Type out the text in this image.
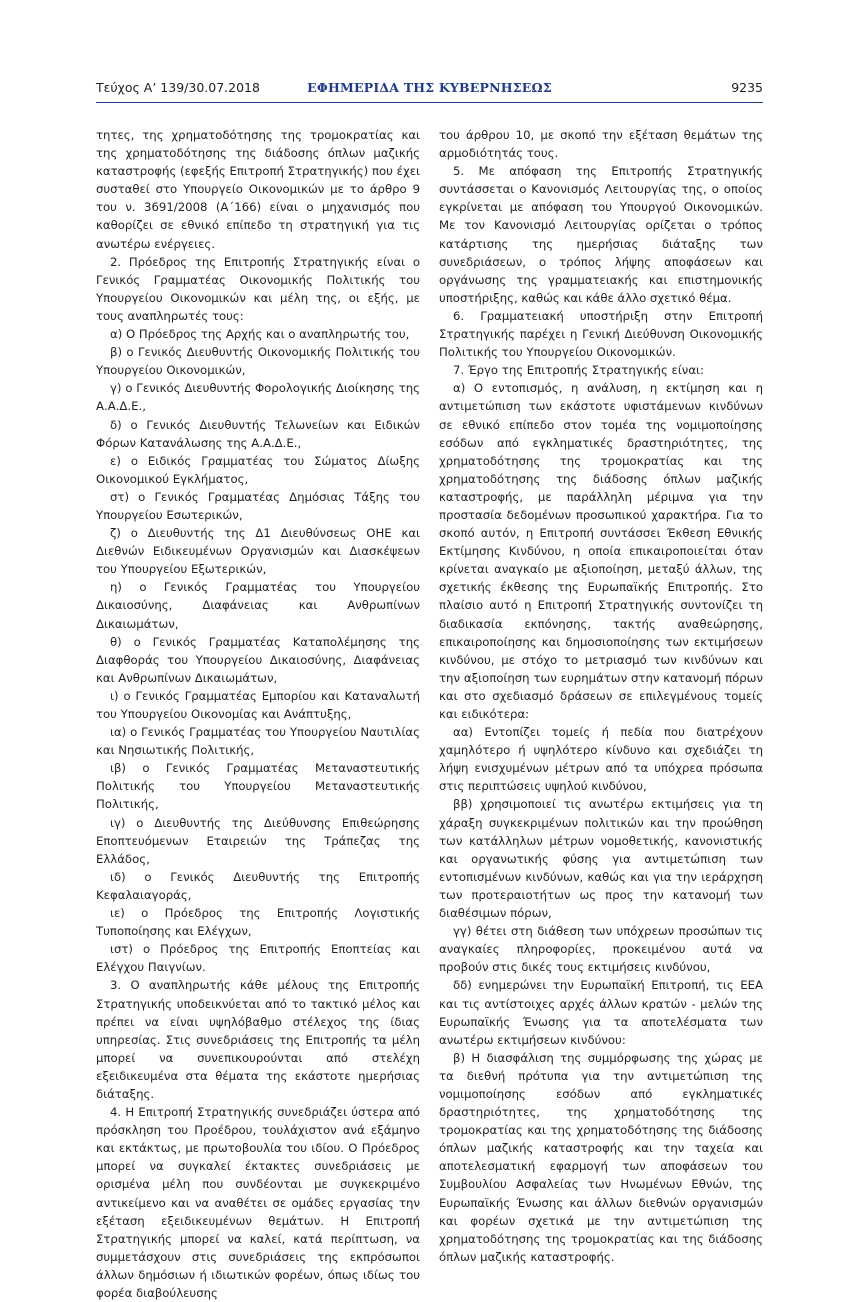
Τεύχος A’ 139/30.07.2018	ΕΦΗΜΕΡΙΔΑ ΤΗΣ ΚΥΒΕΡΝΗΣΕΩΣ	9235

τητες, της χρηματοδότησης της τρομοκρατίας και της χρηματοδότησης της διάδοσης όπλων μαζικής καταστροφής (εφεξής Επιτροπή Στρατηγικής) που έχει συσταθεί στο Υπουργείο Οικονομικών με το άρθρο 9 του ν. 3691/2008 (Α΄166) είναι ο μηχανισμός που καθορίζει σε εθνικό επίπεδο τη στρατηγική για τις ανωτέρω ενέργειες.

2. Πρόεδρος της Επιτροπής Στρατηγικής είναι ο Γενικός Γραμματέας Οικονομικής Πολιτικής του Υπουργείου Οικονομικών και μέλη της, οι εξής, με τους αναπληρωτές τους:

α) Ο Πρόεδρος της Αρχής και ο αναπληρωτής του,

β) ο Γενικός Διευθυντής Οικονομικής Πολιτικής του Υπουργείου Οικονομικών,

γ) ο Γενικός Διευθυντής Φορολογικής Διοίκησης της Α.Α.Δ.Ε.,

δ) ο Γενικός Διευθυντής Τελωνείων και Ειδικών Φόρων Κατανάλωσης της Α.Α.Δ.Ε.,

ε) ο Ειδικός Γραμματέας του Σώματος Δίωξης Οικονομικού Εγκλήματος,

στ) ο Γενικός Γραμματέας Δημόσιας Τάξης του Υπουργείου Εσωτερικών,

ζ) ο Διευθυντής της Δ1 Διευθύνσεως ΟΗΕ και Διεθνών Ειδικευμένων Οργανισμών και Διασκέψεων του Υπουργείου Εξωτερικών,

η) ο Γενικός Γραμματέας του Υπουργείου Δικαιοσύνης, Διαφάνειας και Ανθρωπίνων Δικαιωμάτων,

θ) ο Γενικός Γραμματέας Καταπολέμησης της Διαφθοράς του Υπουργείου Δικαιοσύνης, Διαφάνειας και Ανθρωπίνων Δικαιωμάτων,

ι) ο Γενικός Γραμματέας Εμπορίου και Καταναλωτή του Υπουργείου Οικονομίας και Ανάπτυξης,

ια) ο Γενικός Γραμματέας του Υπουργείου Ναυτιλίας και Νησιωτικής Πολιτικής,

ιβ) ο Γενικός Γραμματέας Μεταναστευτικής Πολιτικής του Υπουργείου Μεταναστευτικής Πολιτικής,

ιγ) ο Διευθυντής της Διεύθυνσης Επιθεώρησης Εποπτευόμενων Εταιρειών της Τράπεζας της Ελλάδος,

ιδ) ο Γενικός Διευθυντής της Επιτροπής Κεφαλαιαγοράς,

ιε) ο Πρόεδρος της Επιτροπής Λογιστικής Τυποποίησης και Ελέγχων,

ιστ) ο Πρόεδρος της Επιτροπής Εποπτείας και Ελέγχου Παιγνίων.

3. Ο αναπληρωτής κάθε μέλους της Επιτροπής Στρατηγικής υποδεικνύεται από το τακτικό μέλος και πρέπει να είναι υψηλόβαθμο στέλεχος της ίδιας υπηρεσίας. Στις συνεδριάσεις της Επιτροπής τα μέλη μπορεί να συνεπικουρούνται από στελέχη εξειδικευμένα στα θέματα της εκάστοτε ημερήσιας διάταξης.

4. Η Επιτροπή Στρατηγικής συνεδριάζει ύστερα από πρόσκληση του Προέδρου, τουλάχιστον ανά εξάμηνο και εκτάκτως, με πρωτοβουλία του ιδίου. Ο Πρόεδρος μπορεί να συγκαλεί έκτακτες συνεδριάσεις με ορισμένα μέλη που συνδέονται με συγκεκριμένο αντικείμενο και να αναθέτει σε ομάδες εργασίας την εξέταση εξειδικευμένων θεμάτων. Η Επιτροπή Στρατηγικής μπορεί να καλεί, κατά περίπτωση, να συμμετάσχουν στις συνεδριάσεις της εκπρόσωποι άλλων δημόσιων ή ιδιωτικών φορέων, όπως ιδίως του φορέα διαβούλευσης

του άρθρου 10, με σκοπό την εξέταση θεμάτων της αρμοδιότητάς τους.

5. Με απόφαση της Επιτροπής Στρατηγικής συντάσσεται ο Κανονισμός Λειτουργίας της, ο οποίος εγκρίνεται με απόφαση του Υπουργού Οικονομικών. Με τον Κανονισμό Λειτουργίας ορίζεται ο τρόπος κατάρτισης της ημερήσιας διάταξης των συνεδριάσεων, ο τρόπος λήψης αποφάσεων και οργάνωσης της γραμματειακής και επιστημονικής υποστήριξης, καθώς και κάθε άλλο σχετικό θέμα.

6. Γραμματειακή υποστήριξη στην Επιτροπή Στρατηγικής παρέχει η Γενική Διεύθυνση Οικονομικής Πολιτικής του Υπουργείου Οικονομικών.

7. Έργο της Επιτροπής Στρατηγικής είναι:

α) Ο εντοπισμός, η ανάλυση, η εκτίμηση και η αντιμετώπιση των εκάστοτε υφιστάμενων κινδύνων σε εθνικό επίπεδο στον τομέα της νομιμοποίησης εσόδων από εγκληματικές δραστηριότητες, της χρηματοδότησης της τρομοκρατίας και της χρηματοδότησης της διάδοσης όπλων μαζικής καταστροφής, με παράλληλη μέριμνα για την προστασία δεδομένων προσωπικού χαρακτήρα. Για το σκοπό αυτόν, η Επιτροπή συντάσσει Έκθεση Εθνικής Εκτίμησης Κινδύνου, η οποία επικαιροποιείται όταν κρίνεται αναγκαίο με αξιοποίηση, μεταξύ άλλων, της σχετικής έκθεσης της Ευρωπαϊκής Επιτροπής. Στο πλαίσιο αυτό η Επιτροπή Στρατηγικής συντονίζει τη διαδικασία εκπόνησης, τακτής αναθεώρησης, επικαιροποίησης και δημοσιοποίησης των εκτιμήσεων κινδύνου, με στόχο το μετριασμό των κινδύνων και την αξιοποίηση των ευρημάτων στην κατανομή πόρων και στο σχεδιασμό δράσεων σε επιλεγμένους τομείς και ειδικότερα:

αα) Εντοπίζει τομείς ή πεδία που διατρέχουν χαμηλότερο ή υψηλότερο κίνδυνο και σχεδιάζει τη λήψη ενισχυμένων μέτρων από τα υπόχρεα πρόσωπα στις περιπτώσεις υψηλού κινδύνου,

ββ) χρησιμοποιεί τις ανωτέρω εκτιμήσεις για τη χάραξη συγκεκριμένων πολιτικών και την προώθηση των κατάλληλων μέτρων νομοθετικής, κανονιστικής και οργανωτικής φύσης για αντιμετώπιση των εντοπισμένων κινδύνων, καθώς και για την ιεράρχηση των προτεραιοτήτων ως προς την κατανομή των διαθέσιμων πόρων,

γγ) θέτει στη διάθεση των υπόχρεων προσώπων τις αναγκαίες πληροφορίες, προκειμένου αυτά να προβούν στις δικές τους εκτιμήσεις κινδύνου,

δδ) ενημερώνει την Ευρωπαϊκή Επιτροπή, τις ΕΕΑ και τις αντίστοιχες αρχές άλλων κρατών - μελών της Ευρωπαϊκής Ένωσης για τα αποτελέσματα των ανωτέρω εκτιμήσεων κινδύνου:

β) Η διασφάλιση της συμμόρφωσης της χώρας με τα διεθνή πρότυπα για την αντιμετώπιση της νομιμοποίησης εσόδων από εγκληματικές δραστηριότητες, της χρηματοδότησης της τρομοκρατίας και της χρηματοδότησης της διάδοσης όπλων μαζικής καταστροφής και την ταχεία και αποτελεσματική εφαρμογή των αποφάσεων του Συμβουλίου Ασφαλείας των Ηνωμένων Εθνών, της Ευρωπαϊκής Ένωσης και άλλων διεθνών οργανισμών και φορέων σχετικά με την αντιμετώπιση της χρηματοδότησης της τρομοκρατίας και της διάδοσης όπλων μαζικής καταστροφής.
